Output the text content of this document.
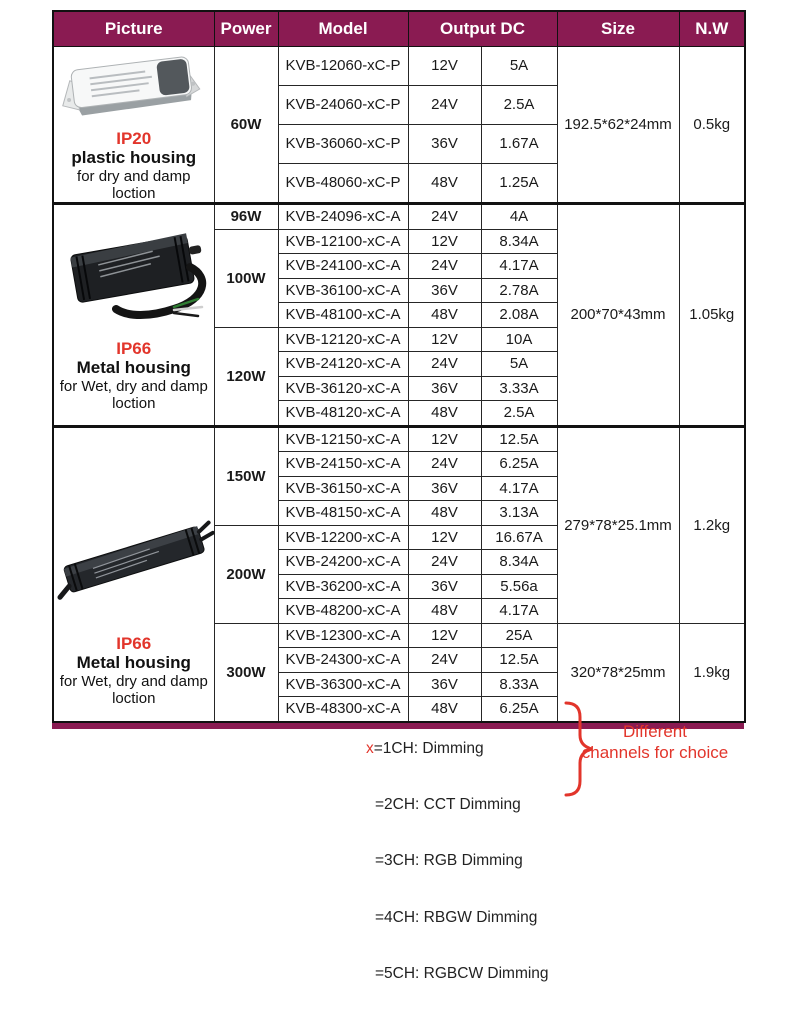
Picture	Power	Model	Output DC		Size	N.W

IP20
plastic housing
for dry and damp
loction	60W	KVB-12060-xC-P	12V	5A	192.5*62*24mm	0.5kg
		KVB-24060-xC-P	24V	2.5A		
		KVB-36060-xC-P	36V	1.67A		
		KVB-48060-xC-P	48V	1.25A		

IP66
Metal housing
for Wet, dry and damp
loction	96W	KVB-24096-xC-A	24V	4A	200*70*43mm	1.05kg
	100W	KVB-12100-xC-A	12V	8.34A		
		KVB-24100-xC-A	24V	4.17A		
		KVB-36100-xC-A	36V	2.78A		
		KVB-48100-xC-A	48V	2.08A		
	120W	KVB-12120-xC-A	12V	10A		
		KVB-24120-xC-A	24V	5A		
		KVB-36120-xC-A	36V	3.33A		
		KVB-48120-xC-A	48V	2.5A		

IP66
Metal housing
for Wet, dry and damp
loction	150W	KVB-12150-xC-A	12V	12.5A	279*78*25.1mm	1.2kg
		KVB-24150-xC-A	24V	6.25A		
		KVB-36150-xC-A	36V	4.17A		
		KVB-48150-xC-A	48V	3.13A		
	200W	KVB-12200-xC-A	12V	16.67A		
		KVB-24200-xC-A	24V	8.34A		
		KVB-36200-xC-A	36V	5.56a		
		KVB-48200-xC-A	48V	4.17A		
	300W	KVB-12300-xC-A	12V	25A	320*78*25mm	1.9kg
		KVB-24300-xC-A	24V	12.5A		
		KVB-36300-xC-A	36V	8.33A		
		KVB-48300-xC-A	48V	6.25A		

x=1CH: Dimming

=2CH: CCT Dimming

=3CH: RGB Dimming

=4CH: RBGW Dimming

=5CH: RGBCW Dimming

Different
channels for choice
